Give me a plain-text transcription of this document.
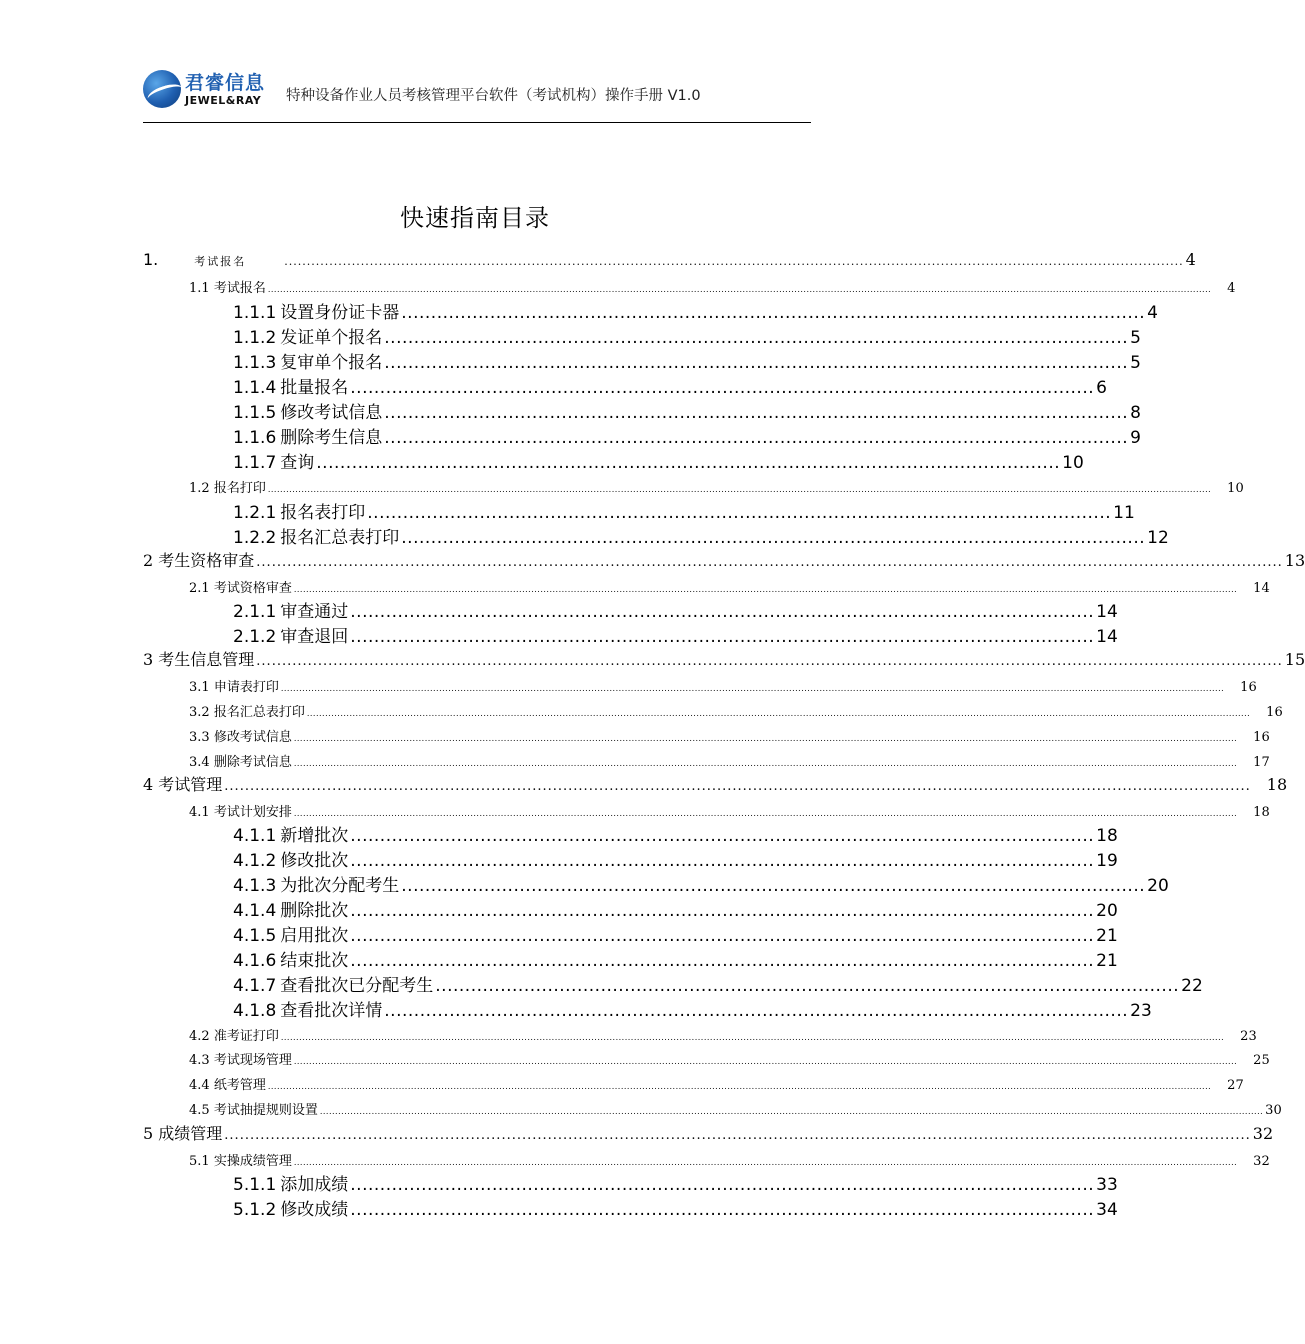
君睿信息
JEWEL&RAY 特种设备作业人员考核管理平台软件（考试机构）操作手册 V1.0
快速指南目录
1.	考试报名	........................................................................................................................................................................................................ 4
1.1 考试报名 ......................................................................................................................................................................................................................................................................................................................	4
1.1.1 设置身份证卡器 .............................................................................................................................. 4
1.1.2 发证单个报名 .............................................................................................................................. 5
1.1.3 复审单个报名 .............................................................................................................................. 5
1.1.4 批量报名 .............................................................................................................................. 6
1.1.5 修改考试信息 .............................................................................................................................. 8
1.1.6 删除考生信息 .............................................................................................................................. 9
1.1.7 查询 .............................................................................................................................. 10
1.2 报名打印 ......................................................................................................................................................................................................................................................................................................................	10
1.2.1 报名表打印 .............................................................................................................................. 11
1.2.2 报名汇总表打印 .............................................................................................................................. 12
2 考生资格审查 ........................................................................................................................................................................................................ 13
2.1 考试资格审查 ......................................................................................................................................................................................................................................................................................................................	14
2.1.1 审查通过 .............................................................................................................................. 14
2.1.2 审查退回 .............................................................................................................................. 14
3 考生信息管理 ........................................................................................................................................................................................................ 15
3.1 申请表打印 ......................................................................................................................................................................................................................................................................................................................	16
3.2 报名汇总表打印 ......................................................................................................................................................................................................................................................................................................................	16
3.3 修改考试信息 ......................................................................................................................................................................................................................................................................................................................	16
3.4 删除考试信息 ......................................................................................................................................................................................................................................................................................................................	17
4 考试管理 ........................................................................................................................................................................................................	18
4.1 考试计划安排 ......................................................................................................................................................................................................................................................................................................................	18
4.1.1 新增批次 .............................................................................................................................. 18
4.1.2 修改批次 .............................................................................................................................. 19
4.1.3 为批次分配考生 .............................................................................................................................. 20
4.1.4 删除批次 .............................................................................................................................. 20
4.1.5 启用批次 .............................................................................................................................. 21
4.1.6 结束批次 .............................................................................................................................. 21
4.1.7 查看批次已分配考生 .............................................................................................................................. 22
4.1.8 查看批次详情 .............................................................................................................................. 23
4.2 准考证打印 ......................................................................................................................................................................................................................................................................................................................	23
4.3 考试现场管理 ......................................................................................................................................................................................................................................................................................................................	25
4.4 纸考管理 ......................................................................................................................................................................................................................................................................................................................	27
4.5 考试抽提规则设置 ...................................................................................................................................................................................................................................................................................................................... 30
5 成绩管理 ........................................................................................................................................................................................................ 32
5.1 实操成绩管理 ......................................................................................................................................................................................................................................................................................................................	32
5.1.1 添加成绩 .............................................................................................................................. 33
5.1.2 修改成绩 .............................................................................................................................. 34
